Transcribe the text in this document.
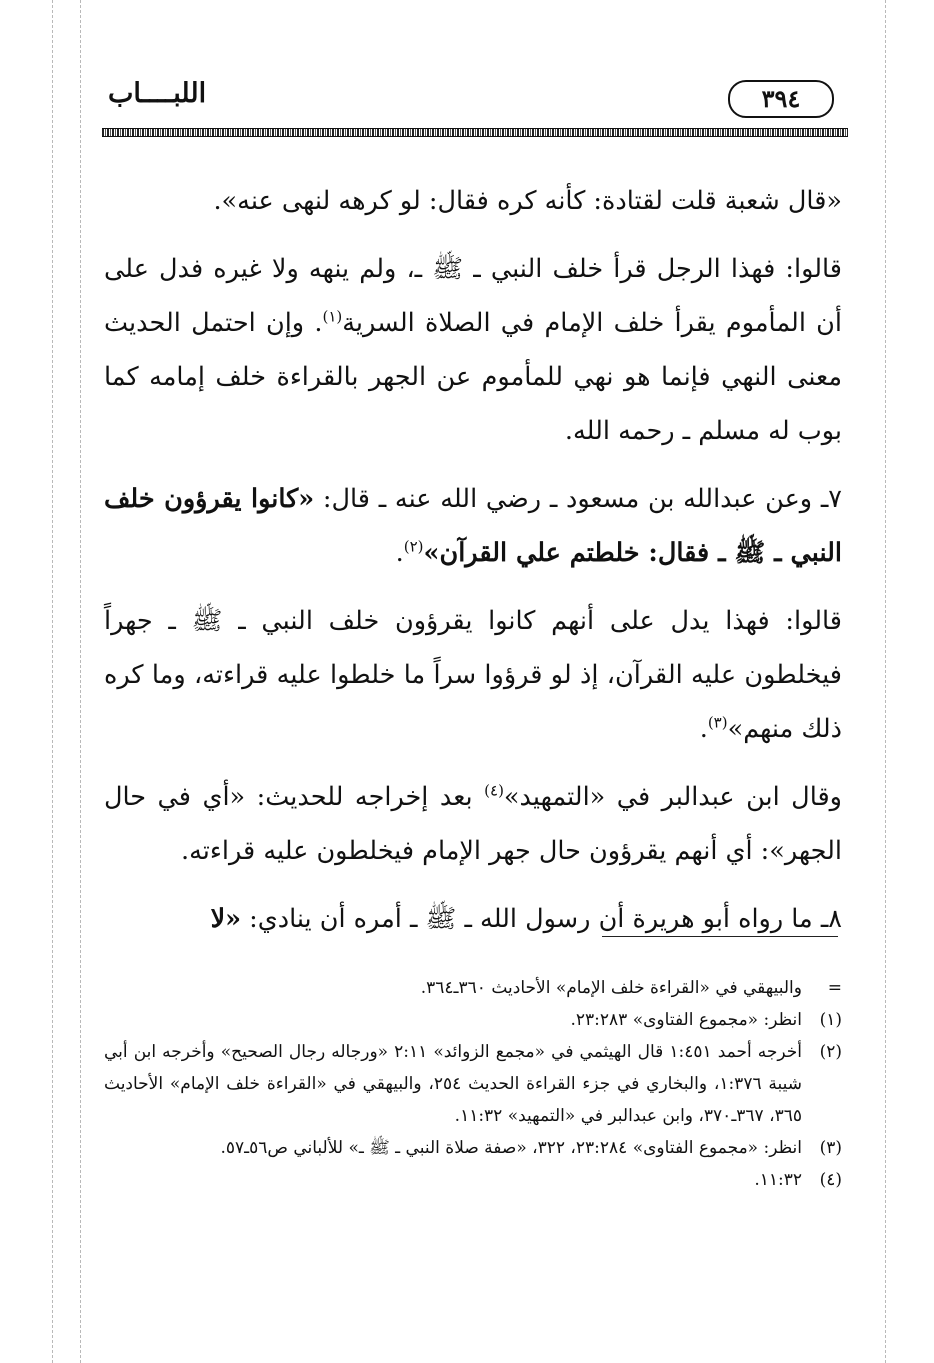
٣٩٤
اللبــــاب

«قال شعبة قلت لقتادة: كأنه كره فقال: لو كرهه لنهى عنه».

قالوا: فهذا الرجل قرأ خلف النبي ـ ﷺ ـ، ولم ينهه ولا غيره فدل على أن المأموم يقرأ خلف الإمام في الصلاة السرية$^{(١)}$. وإن احتمل الحديث معنى النهي فإنما هو نهي للمأموم عن الجهر بالقراءة خلف إمامه كما بوب له مسلم ـ رحمه الله.

٧ـ وعن عبدالله بن مسعود ـ رضي الله عنه ـ قال: «كانوا يقرؤون خلف النبي ـ ﷺ ـ فقال: خلطتم علي القرآن»$^{(٢)}$.

قالوا: فهذا يدل على أنهم كانوا يقرؤون خلف النبي ـ ﷺ ـ جهراً فيخلطون عليه القرآن، إذ لو قرؤوا سراً ما خلطوا عليه قراءته، وما كره ذلك منهم»$^{(٣)}$.

وقال ابن عبدالبر في «التمهيد»$^{(٤)}$ بعد إخراجه للحديث: «أي في حال الجهر»: أي أنهم يقرؤون حال جهر الإمام فيخلطون عليه قراءته.

٨ـ ما رواه أبو هريرة أن رسول الله ـ ﷺ ـ أمره أن ينادي: «لا

=
والبيهقي في «القراءة خلف الإمام» الأحاديث ٣٦٠ـ٣٦٤.
(١)
انظر: «مجموع الفتاوى» ٢٣:٢٨٣.
(٢)
أخرجه أحمد ١:٤٥١ قال الهيثمي في «مجمع الزوائد» ٢:١١ «ورجاله رجال الصحيح» وأخرجه ابن أبي شيبة ١:٣٧٦، والبخاري في جزء القراءة الحديث ٢٥٤، والبيهقي في «القراءة خلف الإمام» الأحاديث ٣٦٥، ٣٦٧ـ٣٧٠، وابن عبدالبر في «التمهيد» ١١:٣٢.
(٣)
انظر: «مجموع الفتاوى» ٢٣:٢٨٤، ٣٢٢، «صفة صلاة النبي ـ ﷺ ـ» للألباني ص٥٦ـ٥٧.
(٤)
١١:٣٢.
